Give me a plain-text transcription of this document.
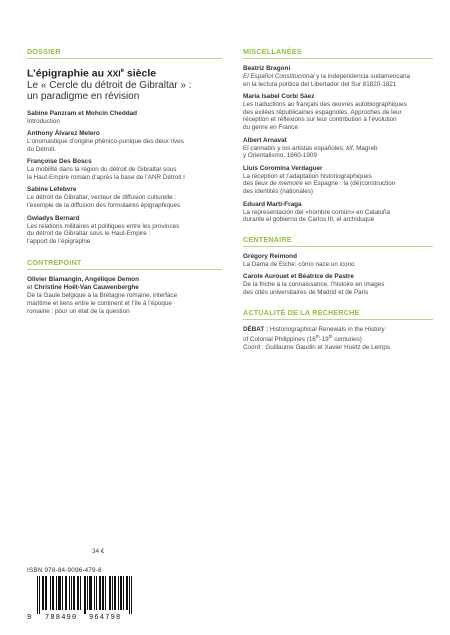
DOSSIER
L’épigraphie au XXIe siècle
Le « Cercle du détroit de Gibraltar » :
un paradigme en révision
Sabine Panzram et Mohcin Cheddad
Introduction
Anthony Álvarez Melero
L’onomastique d’origine phénico-punique des deux rives
du Détroit.
Françoise Des Boscs
La mobilité dans la région du détroit de Gibraltar sous
la Haut-Empire romain d’après la base de l’ANR Détroit I
Sabine Lefebvre
Le détroit de Gibraltar, vecteur de diffusion culturelle :
l’exemple de la diffusion des formulaires épigraphiques
Gwladys Bernard
Les relations militaires et politiques entre les provinces
du détroit de Gibraltar sous le Haut-Empire :
l’apport de l’épigraphie
CONTREPOINT
Olivier Blamangin, Angélique Demon
et Christine Hoët-Van Cauwenberghe
De la Gaule belgique à la Bretagne romaine, interface
maritime et liens entre le continent et l’île à l’époque
romaine : pour un état de la question
MISCELLANÉES
Beatriz Bragoni
El Español Constitucional y la independencia sudamericana
en la lectura política del Libertador del Sur 81820-1821
María Isabel Corbí Sáez
Les traductions au français des œuvres autobiographiques
des exilées républicaines espagnoles. Approches de leur
réception et réflexions sur leur contribution à l’évolution
du genre en France
Albert Arnavat
El cannabis y los artistas españoles: kif, Magreb
y Orientalismo, 1860-1909
Lluís Coromina Verdaguer
La réception et l’adaptation historiographiques
des lieux de mémoire en Espagne : la (dé)construction
des identités (nationales)
Eduard Martí-Fraga
La representación del «hombre común» en Cataluña
durante el gobierno de Carlos III, el archiduque
CENTENAIRE
Grégory Reimond
La Dama de Elche: cómo nace un icono
Carole Aurouet et Béatrice de Pastre
De la friche à la connaissance, l’histoire en images
des cités universitaires de Madrid et de Paris
ACTUALITÉ DE LA RECHERCHE
DÉBAT : Historiographical Renewals in the History
of Colonial Philippines (16th-19th centuries)
Coord : Guillaume Gaudin et Xavier Huetz de Lemps
34 €
ISBN 978-84-9096-479-8
9 788490 964798
